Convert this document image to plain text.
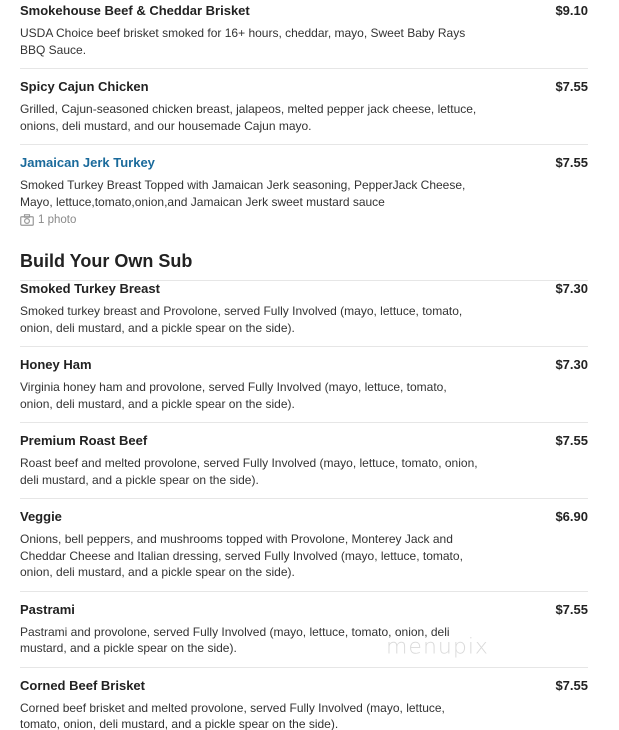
Smokehouse Beef & Cheddar Brisket	$9.10
USDA Choice beef brisket smoked for 16+ hours, cheddar, mayo, Sweet Baby Rays BBQ Sauce.
Spicy Cajun Chicken	$7.55
Grilled, Cajun-seasoned chicken breast, jalapeos, melted pepper jack cheese, lettuce, onions, deli mustard, and our housemade Cajun mayo.
Jamaican Jerk Turkey	$7.55
Smoked Turkey Breast Topped with Jamaican Jerk seasoning, PepperJack Cheese, Mayo, lettuce,tomato,onion,and Jamaican Jerk sweet mustard sauce
1 photo
Build Your Own Sub
Smoked Turkey Breast	$7.30
Smoked turkey breast and Provolone, served Fully Involved (mayo, lettuce, tomato, onion, deli mustard, and a pickle spear on the side).
Honey Ham	$7.30
Virginia honey ham and provolone, served Fully Involved (mayo, lettuce, tomato, onion, deli mustard, and a pickle spear on the side).
Premium Roast Beef	$7.55
Roast beef and melted provolone, served Fully Involved (mayo, lettuce, tomato, onion, deli mustard, and a pickle spear on the side).
Veggie	$6.90
Onions, bell peppers, and mushrooms topped with Provolone, Monterey Jack and Cheddar Cheese and Italian dressing, served Fully Involved (mayo, lettuce, tomato, onion, deli mustard, and a pickle spear on the side).
Pastrami	$7.55
Pastrami and provolone, served Fully Involved (mayo, lettuce, tomato, onion, deli mustard, and a pickle spear on the side).
Corned Beef Brisket	$7.55
Corned beef brisket and melted provolone, served Fully Involved (mayo, lettuce, tomato, onion, deli mustard, and a pickle spear on the side).
menupix
